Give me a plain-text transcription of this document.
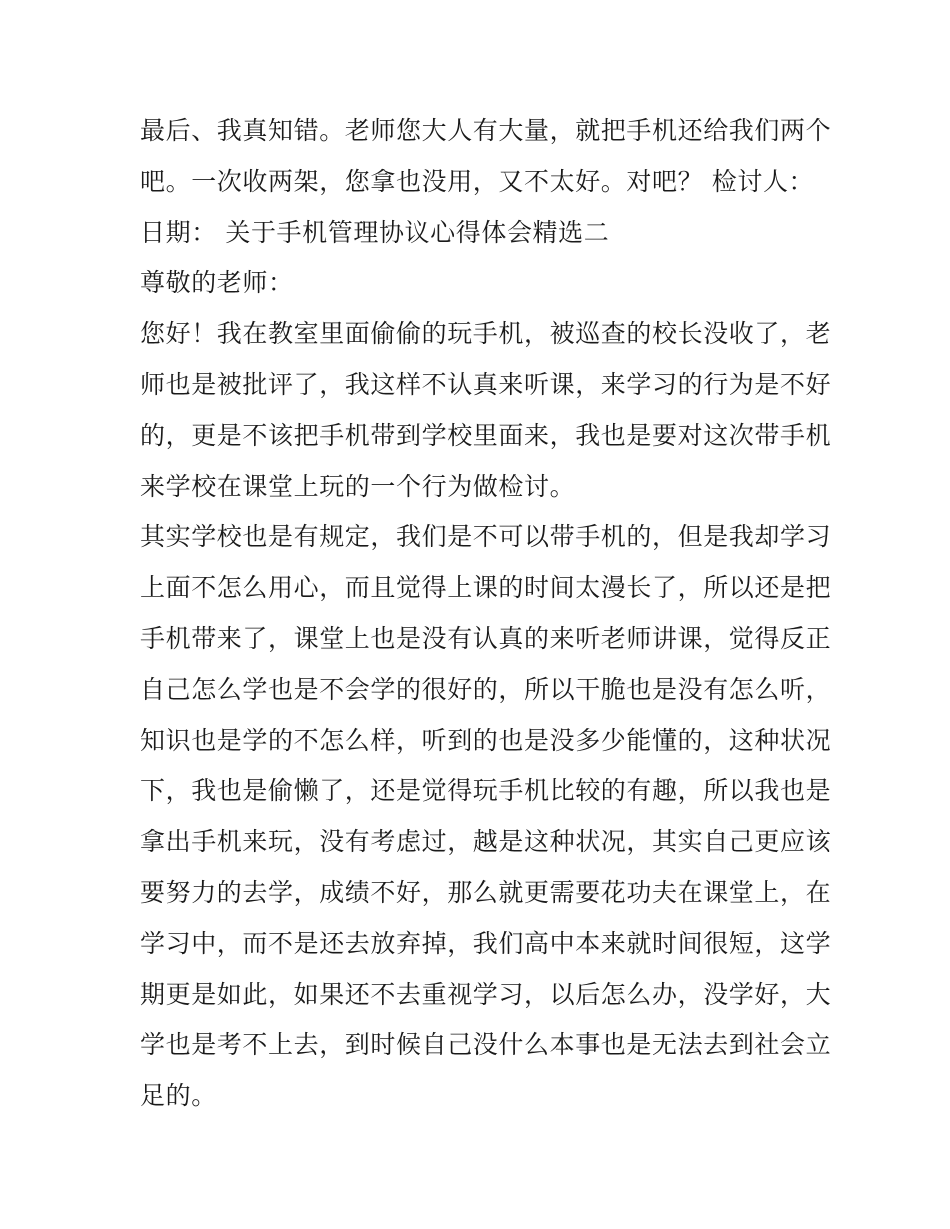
最后、我真知错。老师您大人有大量，就把手机还给我们两个
吧。一次收两架，您拿也没用，又不太好。对吧？ 检讨人：
日期： 关于手机管理协议心得体会精选二
尊敬的老师：
您好！我在教室里面偷偷的玩手机，被巡查的校长没收了，老
师也是被批评了，我这样不认真来听课，来学习的行为是不好
的，更是不该把手机带到学校里面来，我也是要对这次带手机
来学校在课堂上玩的一个行为做检讨。
其实学校也是有规定，我们是不可以带手机的，但是我却学习
上面不怎么用心，而且觉得上课的时间太漫长了，所以还是把
手机带来了，课堂上也是没有认真的来听老师讲课，觉得反正
自己怎么学也是不会学的很好的，所以干脆也是没有怎么听，
知识也是学的不怎么样，听到的也是没多少能懂的，这种状况
下，我也是偷懒了，还是觉得玩手机比较的有趣，所以我也是
拿出手机来玩，没有考虑过，越是这种状况，其实自己更应该
要努力的去学，成绩不好，那么就更需要花功夫在课堂上，在
学习中，而不是还去放弃掉，我们高中本来就时间很短，这学
期更是如此，如果还不去重视学习，以后怎么办，没学好，大
学也是考不上去，到时候自己没什么本事也是无法去到社会立
足的。
